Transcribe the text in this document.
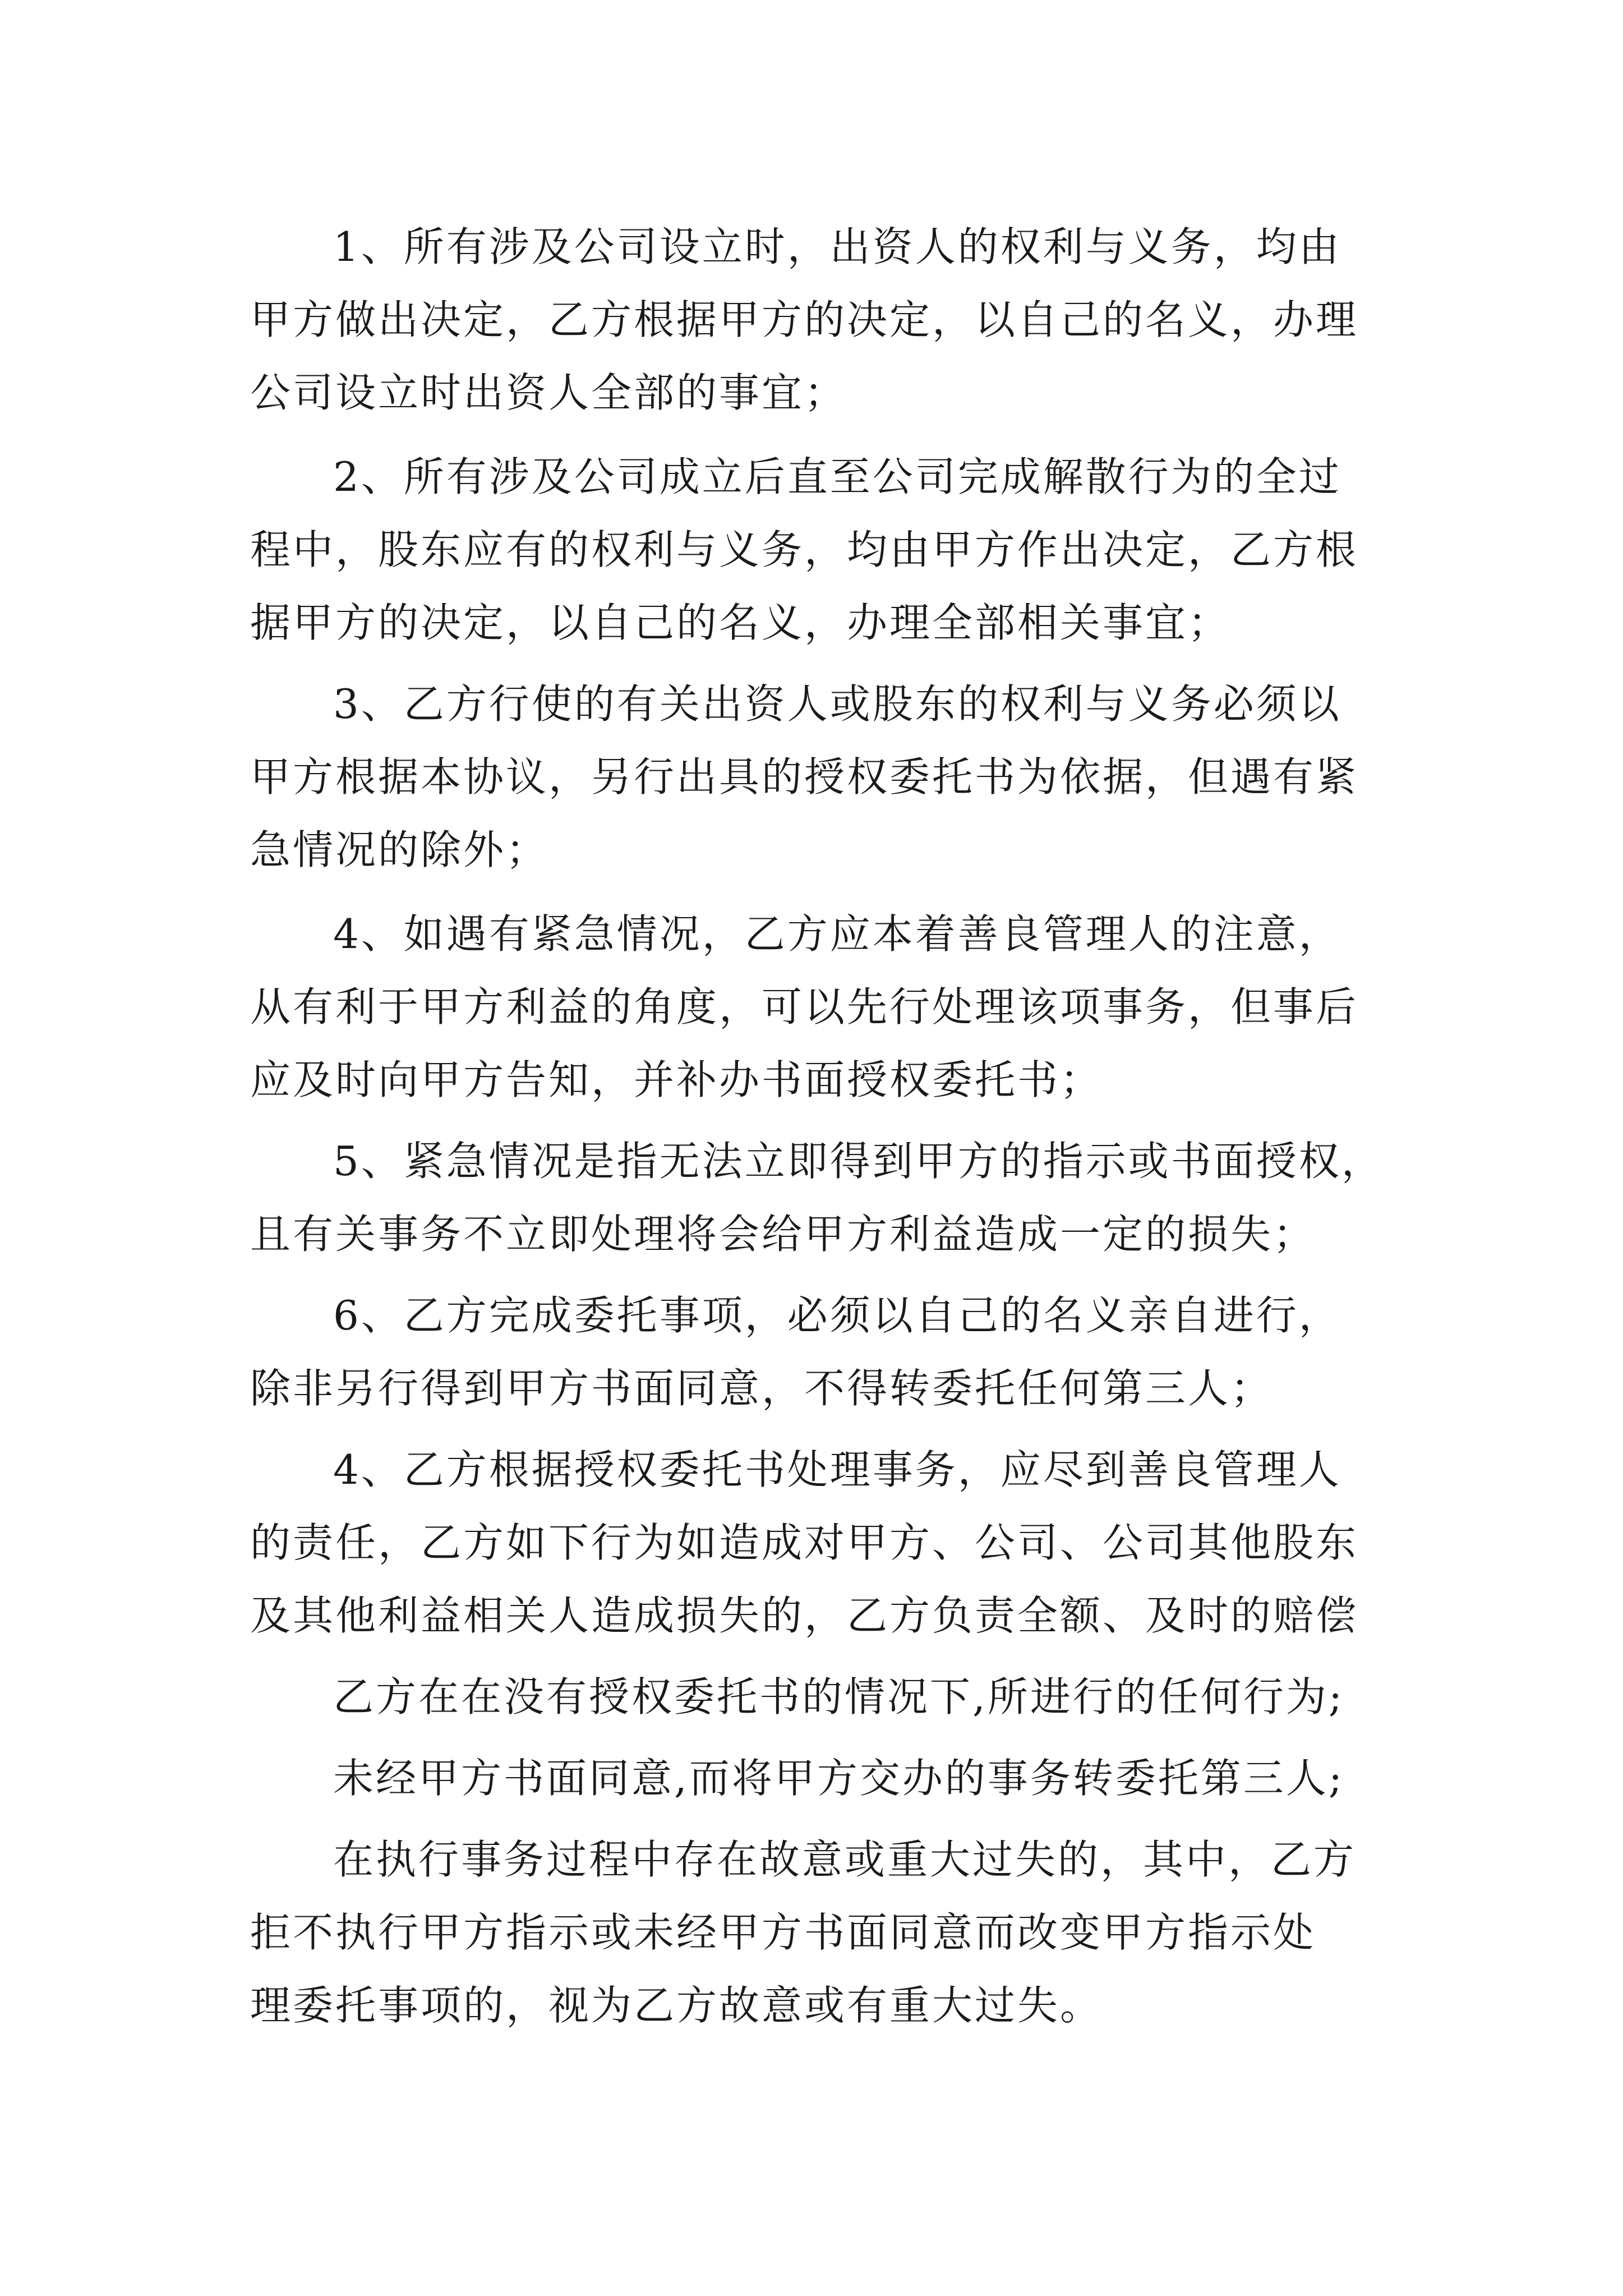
1、所有涉及公司设立时，出资人的权利与义务，均由

甲方做出决定，乙方根据甲方的决定，以自己的名义，办理

公司设立时出资人全部的事宜；

2、所有涉及公司成立后直至公司完成解散行为的全过

程中，股东应有的权利与义务，均由甲方作出决定，乙方根

据甲方的决定，以自己的名义，办理全部相关事宜；

3、乙方行使的有关出资人或股东的权利与义务必须以

甲方根据本协议，另行出具的授权委托书为依据，但遇有紧

急情况的除外；

4、如遇有紧急情况，乙方应本着善良管理人的注意，

从有利于甲方利益的角度，可以先行处理该项事务，但事后

应及时向甲方告知，并补办书面授权委托书；

5、紧急情况是指无法立即得到甲方的指示或书面授权，

且有关事务不立即处理将会给甲方利益造成一定的损失；

6、乙方完成委托事项，必须以自己的名义亲自进行，

除非另行得到甲方书面同意，不得转委托任何第三人；

4、乙方根据授权委托书处理事务，应尽到善良管理人

的责任，乙方如下行为如造成对甲方、公司、公司其他股东

及其他利益相关人造成损失的，乙方负责全额、及时的赔偿

乙方在在没有授权委托书的情况下,所进行的任何行为;

未经甲方书面同意,而将甲方交办的事务转委托第三人;

在执行事务过程中存在故意或重大过失的，其中，乙方

拒不执行甲方指示或未经甲方书面同意而改变甲方指示处

理委托事项的，视为乙方故意或有重大过失。
